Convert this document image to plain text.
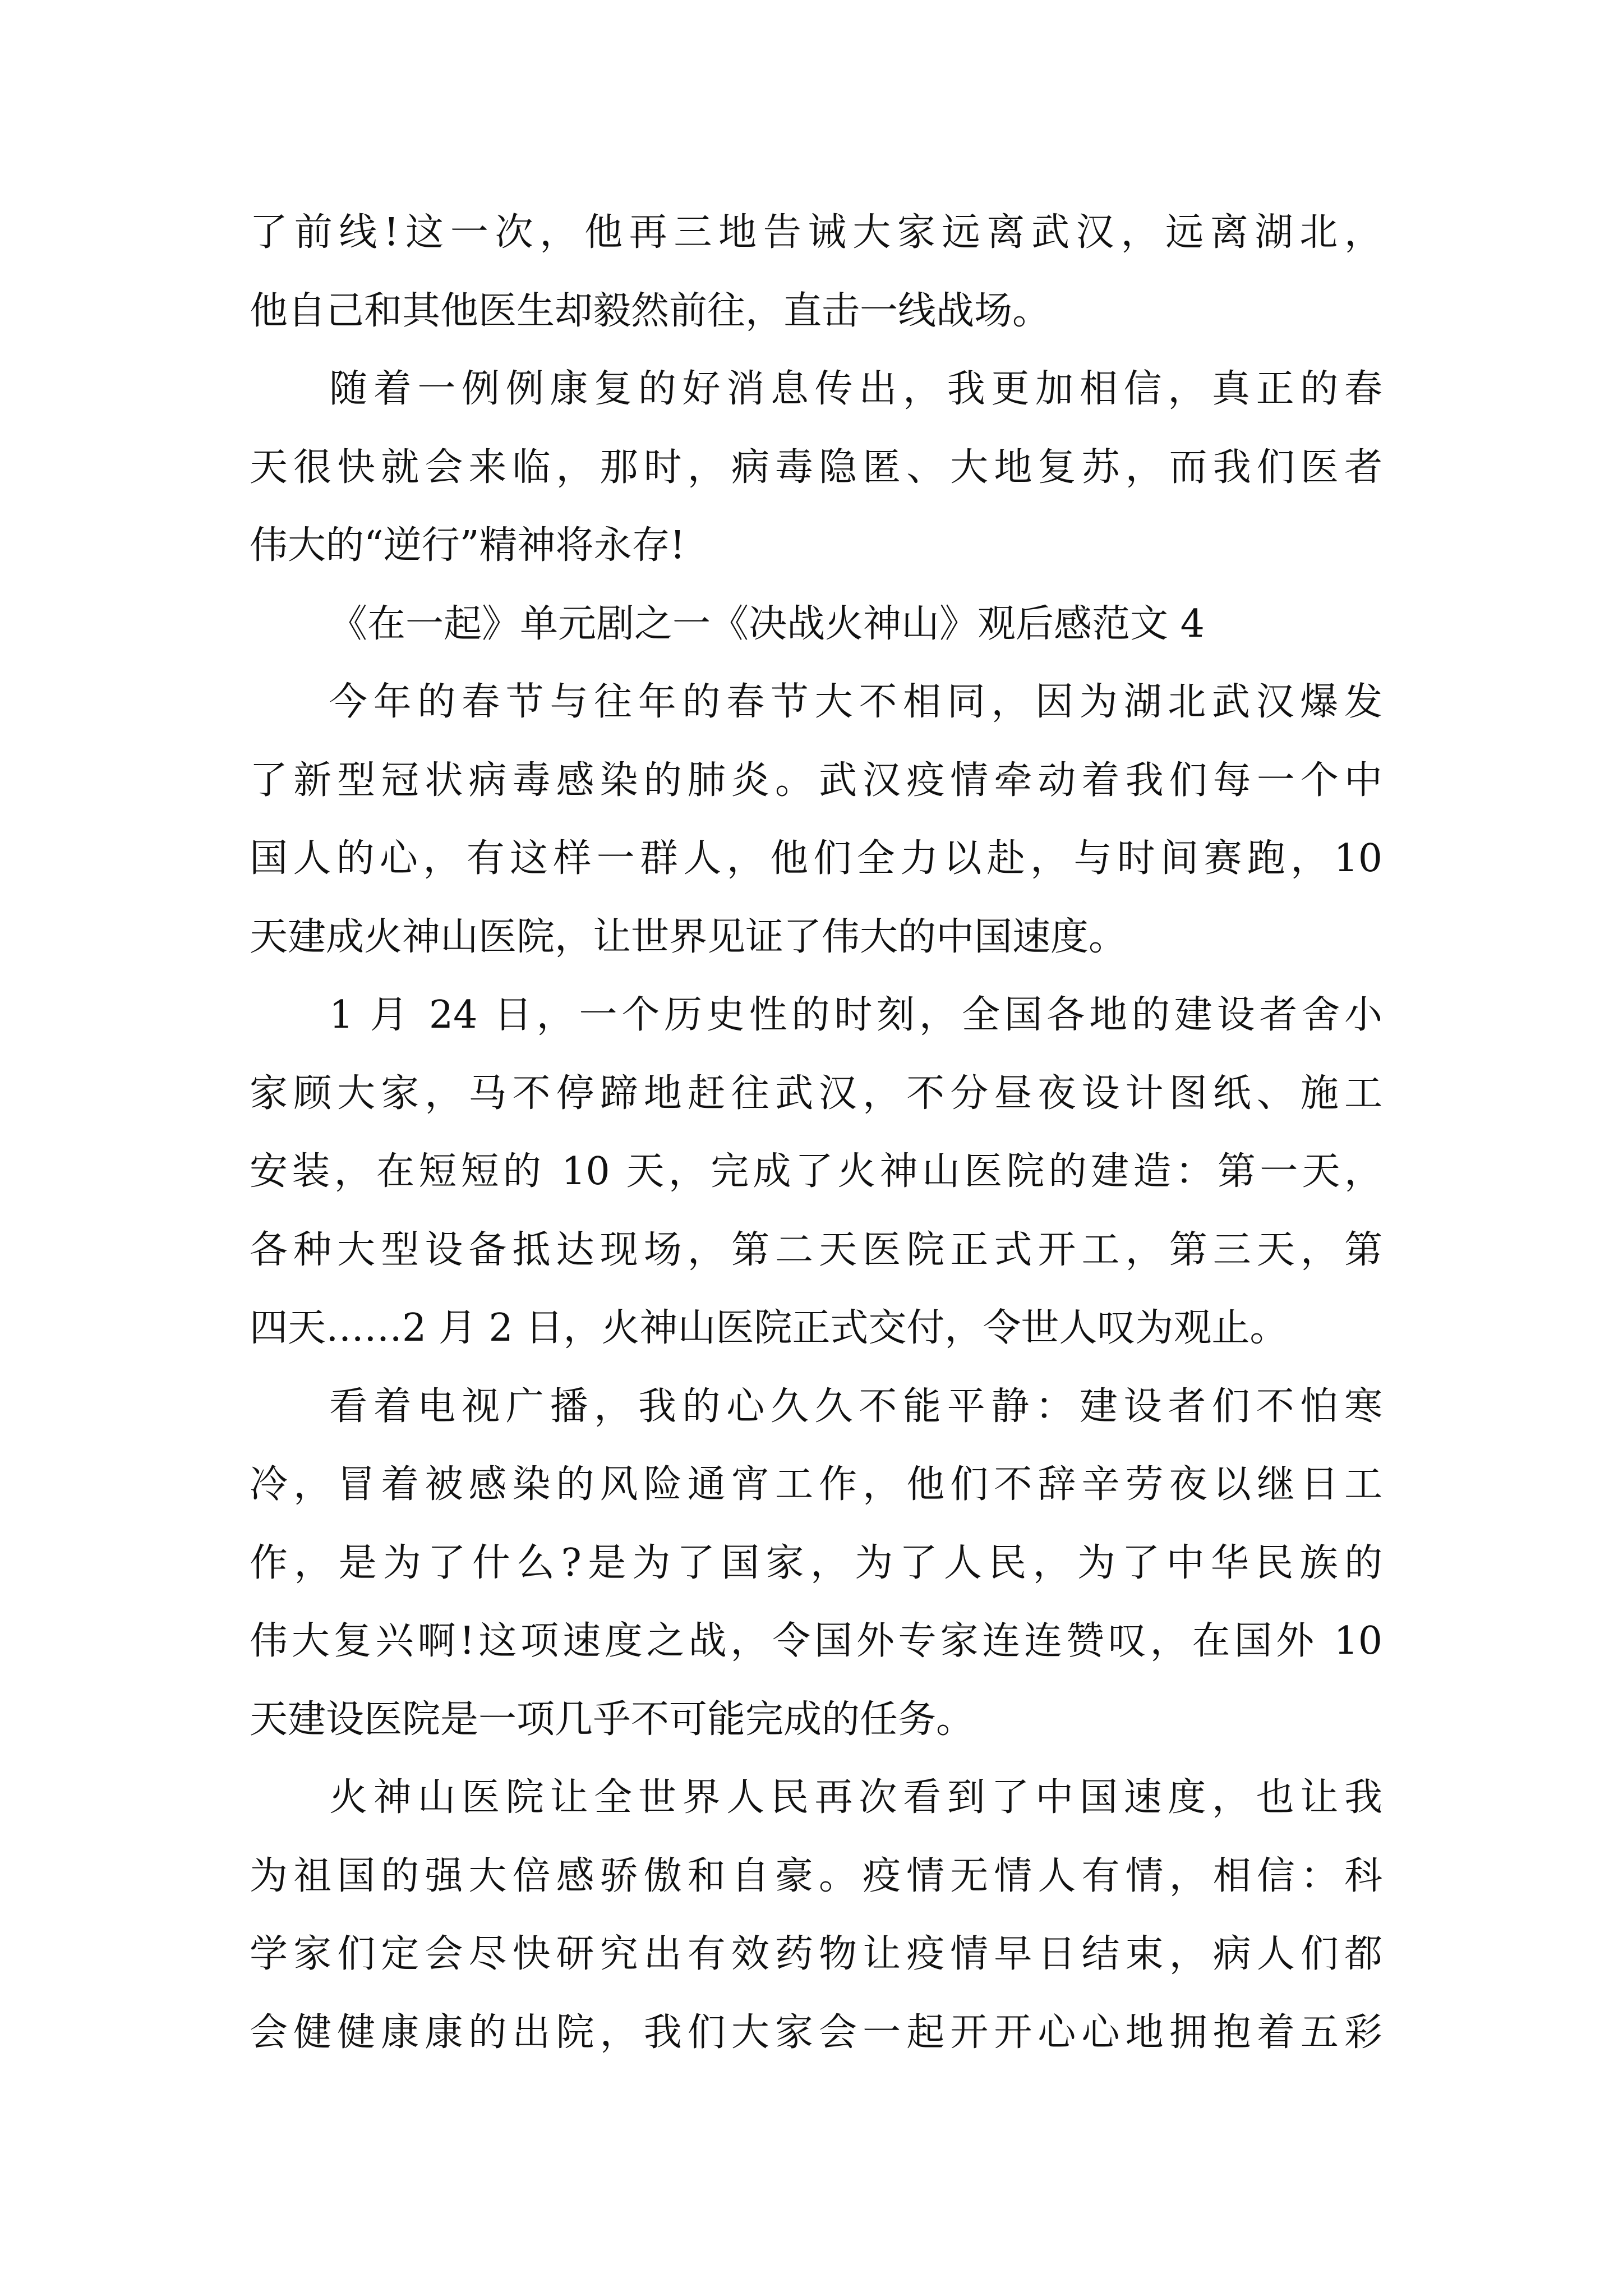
了前线!这一次，他再三地告诫大家远离武汉，远离湖北，
他自己和其他医生却毅然前往，直击一线战场。
随着一例例康复的好消息传出，我更加相信，真正的春
天很快就会来临，那时，病毒隐匿、大地复苏，而我们医者
伟大的“逆行”精神将永存!
《在一起》单元剧之一《决战火神山》观后感范文 4
今年的春节与往年的春节大不相同，因为湖北武汉爆发
了新型冠状病毒感染的肺炎。武汉疫情牵动着我们每一个中
国人的心，有这样一群人，他们全力以赴，与时间赛跑，10
天建成火神山医院，让世界见证了伟大的中国速度。
1 月 24 日，一个历史性的时刻，全国各地的建设者舍小
家顾大家，马不停蹄地赶往武汉，不分昼夜设计图纸、施工
安装，在短短的 10 天，完成了火神山医院的建造：第一天，
各种大型设备抵达现场，第二天医院正式开工，第三天，第
四天……2 月 2 日，火神山医院正式交付，令世人叹为观止。
看着电视广播，我的心久久不能平静：建设者们不怕寒
冷，冒着被感染的风险通宵工作，他们不辞辛劳夜以继日工
作，是为了什么?是为了国家，为了人民，为了中华民族的
伟大复兴啊!这项速度之战，令国外专家连连赞叹，在国外 10
天建设医院是一项几乎不可能完成的任务。
火神山医院让全世界人民再次看到了中国速度，也让我
为祖国的强大倍感骄傲和自豪。疫情无情人有情，相信：科
学家们定会尽快研究出有效药物让疫情早日结束，病人们都
会健健康康的出院，我们大家会一起开开心心地拥抱着五彩
